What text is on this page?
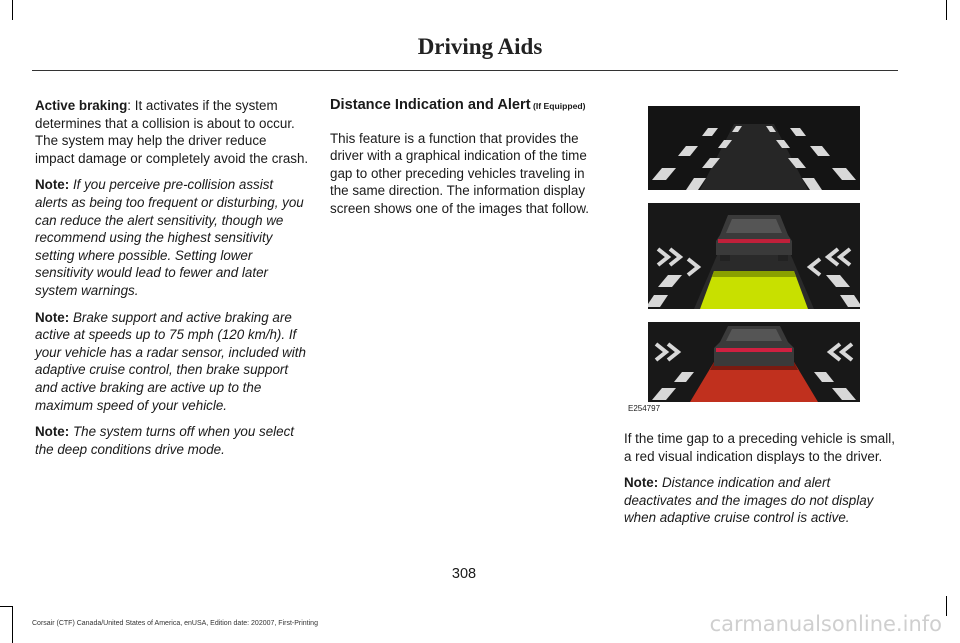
Driving Aids

Active braking: It activates if the system determines that a collision is about to occur. The system may help the driver reduce impact damage or completely avoid the crash.

Note: If you perceive pre-collision assist alerts as being too frequent or disturbing, you can reduce the alert sensitivity, though we recommend using the highest sensitivity setting where possible. Setting lower sensitivity would lead to fewer and later system warnings.

Note: Brake support and active braking are active at speeds up to 75 mph (120 km/h). If your vehicle has a radar sensor, included with adaptive cruise control, then brake support and active braking are active up to the maximum speed of your vehicle.

Note: The system turns off when you select the deep conditions drive mode.

Distance Indication and Alert (If Equipped)

This feature is a function that provides the driver with a graphical indication of the time gap to other preceding vehicles traveling in the same direction. The information display screen shows one of the images that follow.

E254797

If the time gap to a preceding vehicle is small, a red visual indication displays to the driver.

Note: Distance indication and alert deactivates and the images do not display when adaptive cruise control is active.

308
Corsair (CTF) Canada/United States of America, enUSA, Edition date: 202007, First-Printing	carmanualsonline.info
